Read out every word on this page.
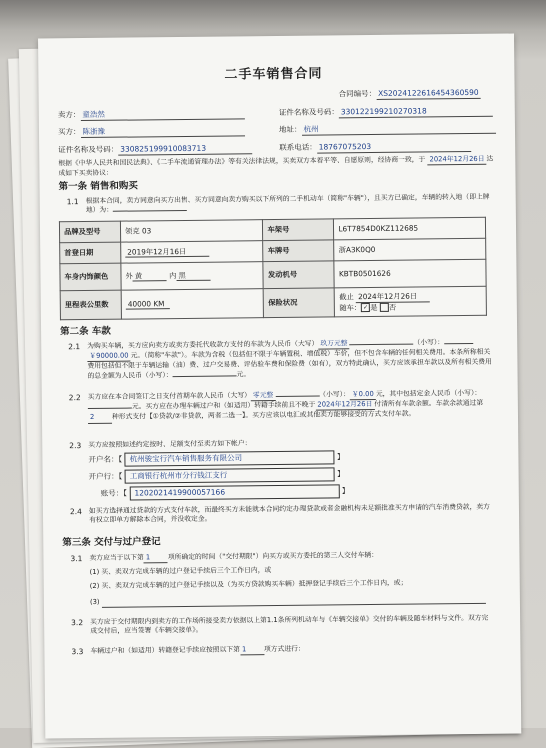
二手车销售合同
合同编号： XS2024122616454360590
卖方： 童浩然	证件名称及号码： 330122199210270318
买方： 陈浙豫	地址： 杭州
证件名称及号码： 330825199910083713	联系电话： 18767075203
根据《中华人民共和国民法典》、《二手车流通管理办法》等有关法律法规，买卖双方本着平等、自愿原则，经协商一致，于 2024年12月26日 达成如下买卖协议：
第一条 销售和购买
1.1 根据本合同，卖方同意向买方出售、买方同意向卖方购买以下所列的二手机动车（简称"车辆"），且买方已确定，车辆的转入地（即上牌地）为：
品牌及型号	领克 03	车架号	L6T7854D0KZ112685
首登日期	2019年12月16日	车牌号	浙A3K0Q0
车身内饰颜色	外 黄 内 黑	发动机号	KBTB0501626
里程表公里数	40000 KM	保险状况	截止 2024年12月26日
随车： ✓ 是 否
第二条 车款
2.1 为购买车辆，买方应向卖方或卖方委托代收款方支付的车款为人民币（大写） 玖万元整	（小写）：￥90000.00 元。（简称"车款"）。车款为含税（包括但不限于车辆置税、增值税）车价，但不包含车辆的任何相关费用。本条所称相关费用包括但不限于车辆运输（油）费、过户交易费、评估验车费和保险费（如有），双方特此确认，买方应该承担车款以及所有相关费用的总金额为人民币（小写）：	元。
2.2 买方应在本合同签订之日支付首期车款人民币（大写） 零元整	（小写）： ￥0.00 元，其中包括定金人民币（小写）：元。买方应在办理车辆过户和（如适用）转籍手续前且不晚于 2024年12月26日 付清所有车款余额。车款余款通过第2	种形式支付【①贷款/②非贷款，两者二选一】。买方应该以电汇或其他卖方能够接受的方式支付车款。
2.3 买方应按照如述约定按时、足额支付至卖方如下帐户：
开户名：【 杭州骏宝行汽车销售服务有限公司	】
开户行：【 工商银行杭州市分行钱江支行	】
账号：【 1202021419900057166	】
2.4 如买方选择通过贷款的方式支付车款，而最终买方未能就本合同约定办理贷款或者金融机构未足额批准买方申请的汽车消费贷款，卖方有权立即单方解除本合同，并没收定金。
第三条 交付与过户登记
3.1 卖方应当于以下第 1	项所确定的时间（"交付期限"）向买方或买方委托的第三人交付车辆：
(1) 买、卖双方完成车辆的过户登记手续后三个工作日内，或
(2) 买、卖双方完成车辆的过户登记手续以及（为买方贷款购买车辆）抵押登记手续后三个工作日内，或；
(3)
3.2 买方应于交付期限内到卖方的工作场所接受卖方依据以上第1.1条所列机动车与《车辆交接单》交付的车辆及随车材料与文件。双方完成交付后，应当签署《车辆交接单》。
3.3 车辆过户和（如适用）转籍登记手续应按照以下第 1	项方式进行：
